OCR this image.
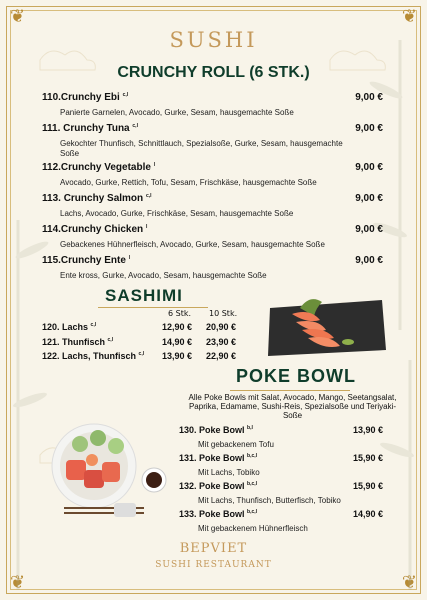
❦	❦
❦	❦
SUSHI
CRUNCHY ROLL (6 STK.)
110.Crunchy Ebi $^{c,l}$	9,00 €
Panierte Garnelen, Avocado, Gurke, Sesam, hausgemachte Soße
111. Crunchy Tuna $^{c,l}$	9,00 €
Gekochter Thunfisch, Schnittlauch, Spezialsoße, Gurke, Sesam, hausgemachte Soße
112.Crunchy Vegetable $^l$	9,00 €
Avocado, Gurke, Rettich, Tofu, Sesam, Frischkäse, hausgemachte Soße
113. Crunchy Salmon $^{c,l}$	9,00 €
Lachs, Avocado, Gurke, Frischkäse, Sesam, hausgemachte Soße
114.Crunchy Chicken $^l$	9,00 €
Gebackenes Hühnerfleisch, Avocado, Gurke, Sesam, hausgemachte Soße
115.Crunchy Ente $^l$	9,00 €
Ente kross, Gurke, Avocado, Sesam, hausgemachte Soße
SASHIMI
6 Stk. 10 Stk.
120. Lachs $^{c,l}$	12,90 € 20,90 €
121. Thunfisch $^{c,l}$	14,90 € 23,90 €
122. Lachs, Thunfisch $^{c,l}$ 13,90 € 22,90 €
POKE BOWL
Alle Poke Bowls mit Salat, Avocado, Mango, Seetangsalat, Paprika, Edamame, Sushi-Reis, Spezialsoße und Teriyaki-Soße
130. Poke Bowl $^{b,l}$	13,90 €
Mit gebackenem Tofu
131. Poke Bowl $^{b,c,l}$	15,90 €
Mit Lachs, Tobiko
132. Poke Bowl $^{b,c,l}$	15,90 €
Mit Lachs, Thunfisch, Butterfisch, Tobiko
133. Poke Bowl $^{b,c,l}$	14,90 €
Mit gebackenem Hühnerfleisch
BEPVIET
SUSHI RESTAURANT
